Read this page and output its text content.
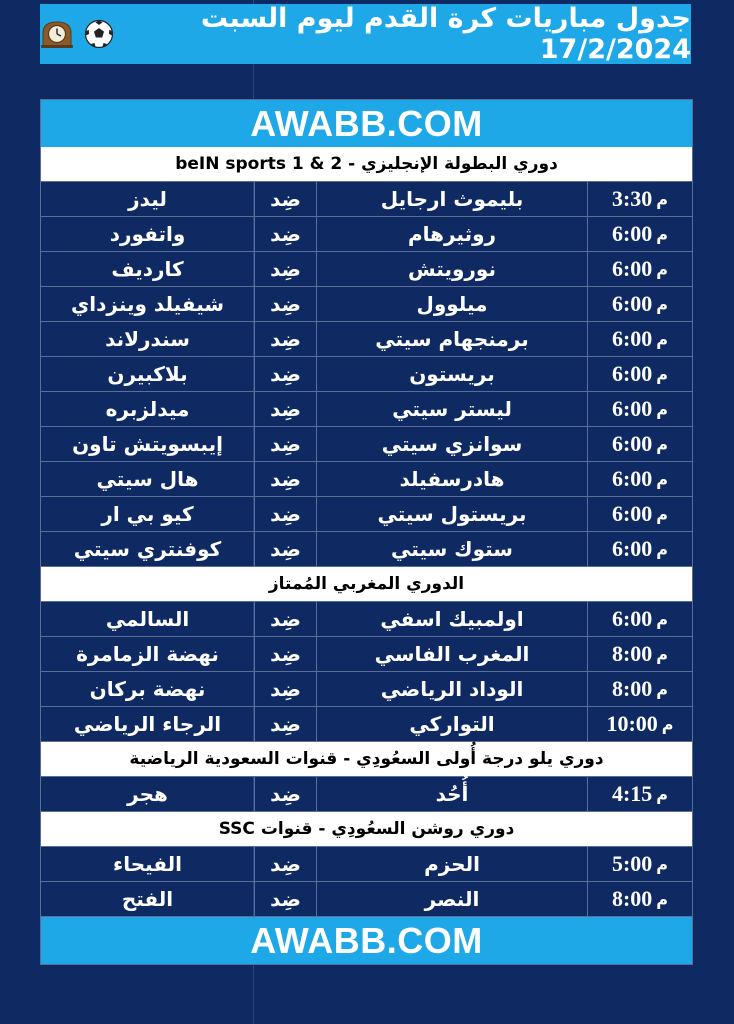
جدول مباريات كرة القدم ليوم السبت 17/2/2024
AWABB.COM
دوري البطولة الإنجليزي - beIN sports 1 & 2
م
3:30
بليموث ارجايل
ضِد
ليدز
م
6:00
روثيرهام
ضِد
واتفورد
م
6:00
نورويتش
ضِد
كارديف
م
6:00
ميلوول
ضِد
شيفيلد وينزداي
م
6:00
برمنجهام سيتي
ضِد
سندرلاند
م
6:00
بريستون
ضِد
بلاكبيرن
م
6:00
ليستر سيتي
ضِد
ميدلزبره
م
6:00
سوانزي سيتي
ضِد
إيبسويتش تاون
م
6:00
هادرسفيلد
ضِد
هال سيتي
م
6:00
بريستول سيتي
ضِد
كيو بي ار
م
6:00
ستوك سيتي
ضِد
كوفنتري سيتي
الدوري المغربي المُمتاز
م
6:00
اولمبيك اسفي
ضِد
السالمي
م
8:00
المغرب الفاسي
ضِد
نهضة الزمامرة
م
8:00
الوداد الرياضي
ضِد
نهضة بركان
م
10:00
التواركي
ضِد
الرجاء الرياضي
دوري يلو درجة أُولى السعُودِي - قنوات السعودية الرياضية
م
4:15
أُحُد
ضِد
هجر
دوري روشن السعُودِي - قنوات SSC
م
5:00
الحزم
ضِد
الفيحاء
م
8:00
النصر
ضِد
الفتح
AWABB.COM
